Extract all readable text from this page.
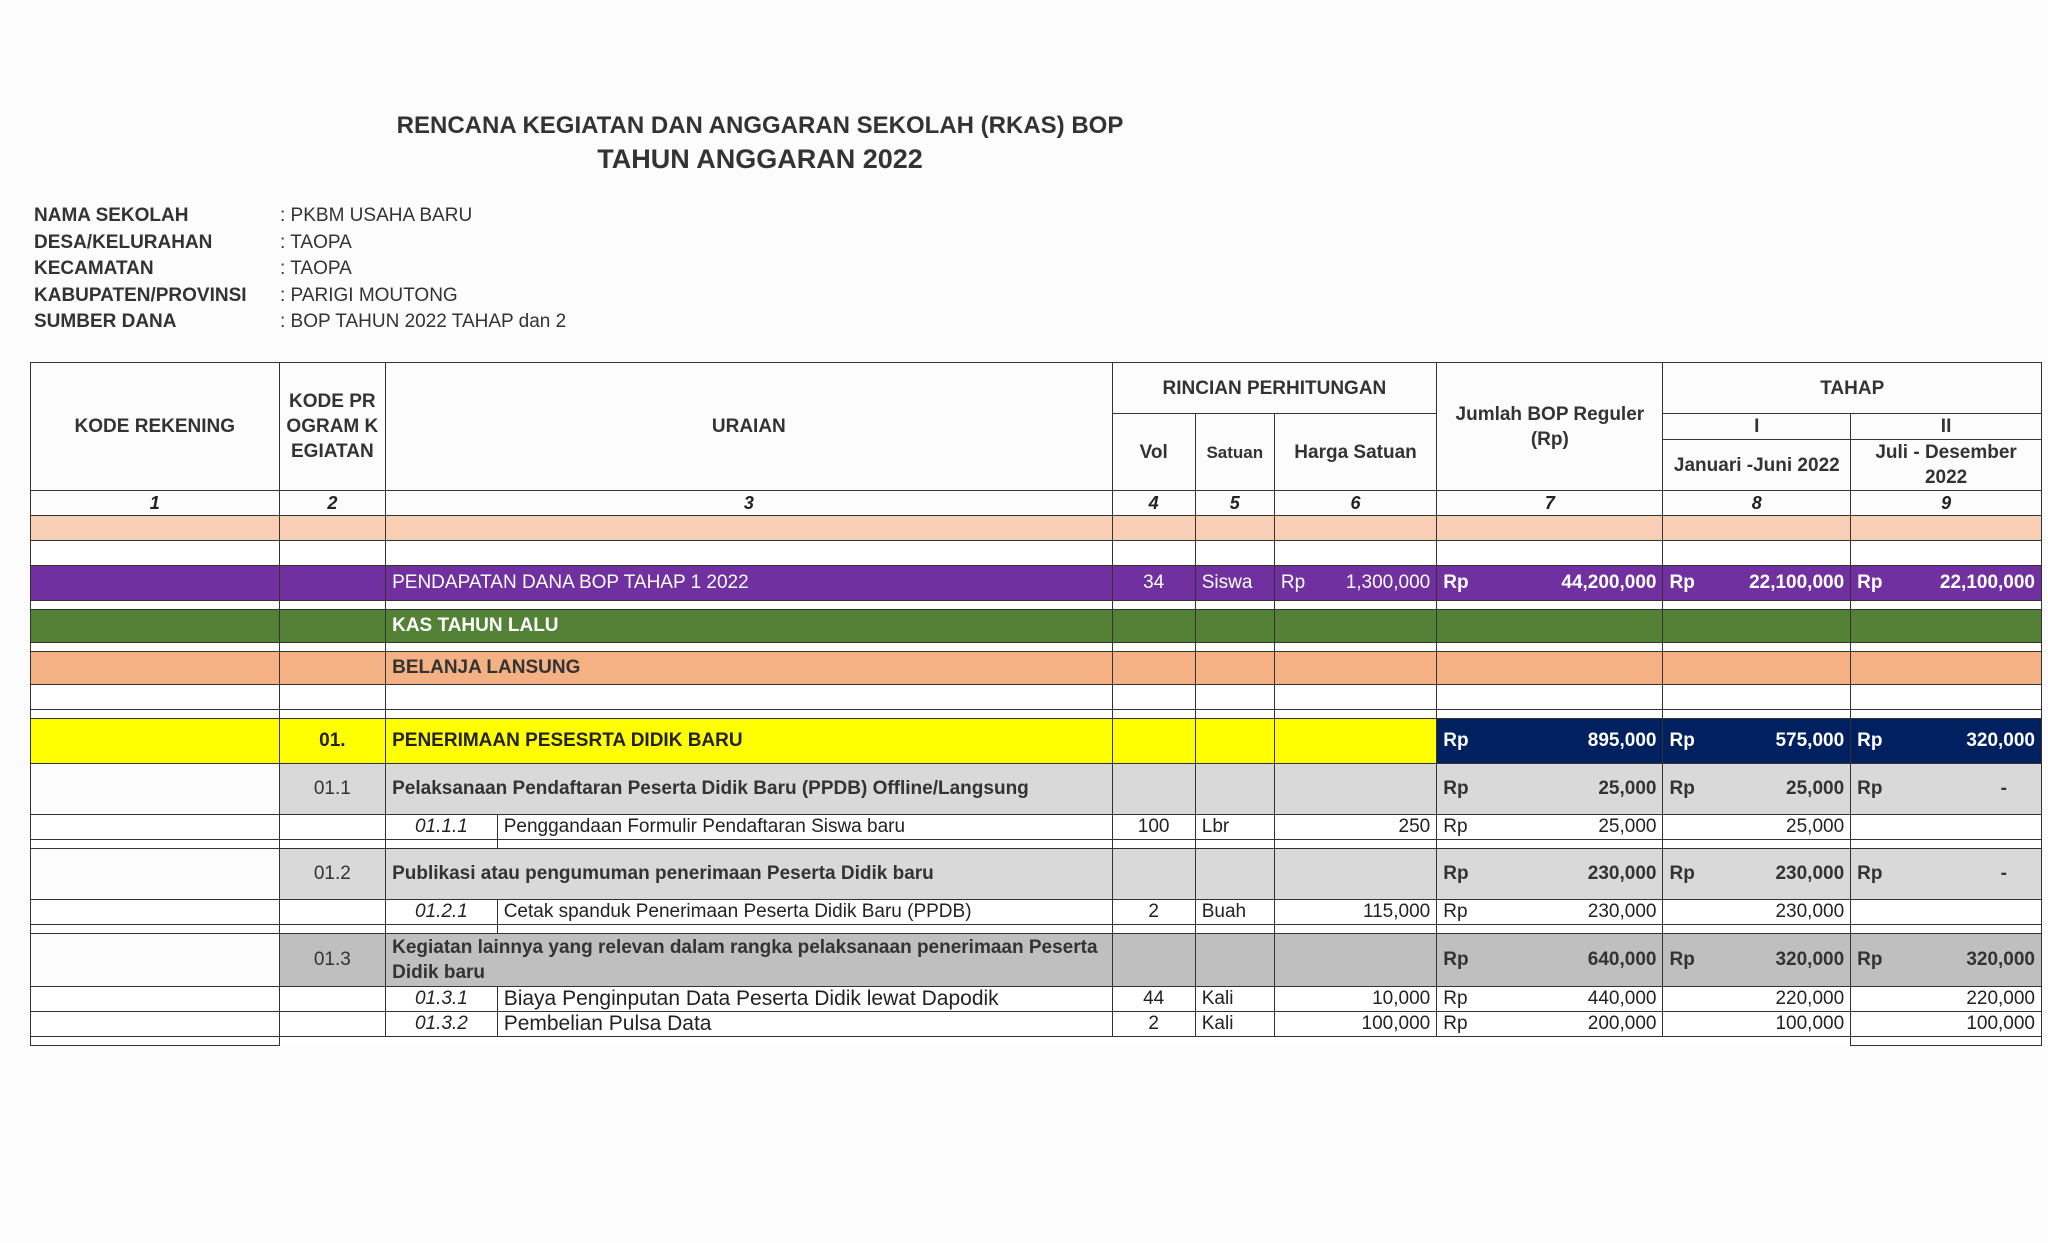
RENCANA KEGIATAN DAN ANGGARAN SEKOLAH (RKAS) BOP
TAHUN ANGGARAN 2022
NAMA SEKOLAH	: PKBM USAHA BARU
DESA/KELURAHAN	: TAOPA
KECAMATAN	: TAOPA
KABUPATEN/PROVINSI	: PARIGI MOUTONG
SUMBER DANA	: BOP TAHUN 2022 TAHAP dan 2
KODE REKENING	KODE PROGRAM KEGIATAN	URAIAN		RINCIAN PERHITUNGAN			Jumlah BOP Reguler (Rp)	TAHAP	
				Vol	Satuan	Harga Satuan		I	II
								Januari -Juni 2022	Juli - Desember 2022
1	2	3		4	5	6	7	8	9

		PENDAPATAN DANA BOP TAHAP 1 2022		34	Siswa	Rp 1,300,000	Rp 44,200,000	Rp 22,100,000	Rp 22,100,000

		KAS TAHUN LALU							

		BELANJA LANSUNG							

	01.	PENERIMAAN PESESRTA DIDIK BARU					Rp 895,000	Rp 575,000	Rp 320,000

	01.1	Pelaksanaan Pendaftaran Peserta Didik Baru (PPDB) Offline/Langsung					Rp 25,000	Rp 25,000	Rp -

		01.1.1	Penggandaan Formulir Pendaftaran Siswa baru	100	Lbr	250	Rp 25,000	25,000	

	01.2	Publikasi atau pengumuman penerimaan Peserta Didik baru					Rp 230,000	Rp 230,000	Rp -

		01.2.1	Cetak spanduk Penerimaan Peserta Didik Baru (PPDB)	2	Buah	115,000	Rp 230,000	230,000	

	01.3	Kegiatan lainnya yang relevan dalam rangka pelaksanaan penerimaan Peserta Didik baru					Rp 640,000	Rp 320,000	Rp 320,000

		01.3.1	Biaya Penginputan Data Peserta Didik lewat Dapodik	44	Kali	10,000	Rp 440,000	220,000	220,000
		01.3.2	Pembelian Pulsa Data	2	Kali	100,000	Rp 200,000	100,000	100,000
